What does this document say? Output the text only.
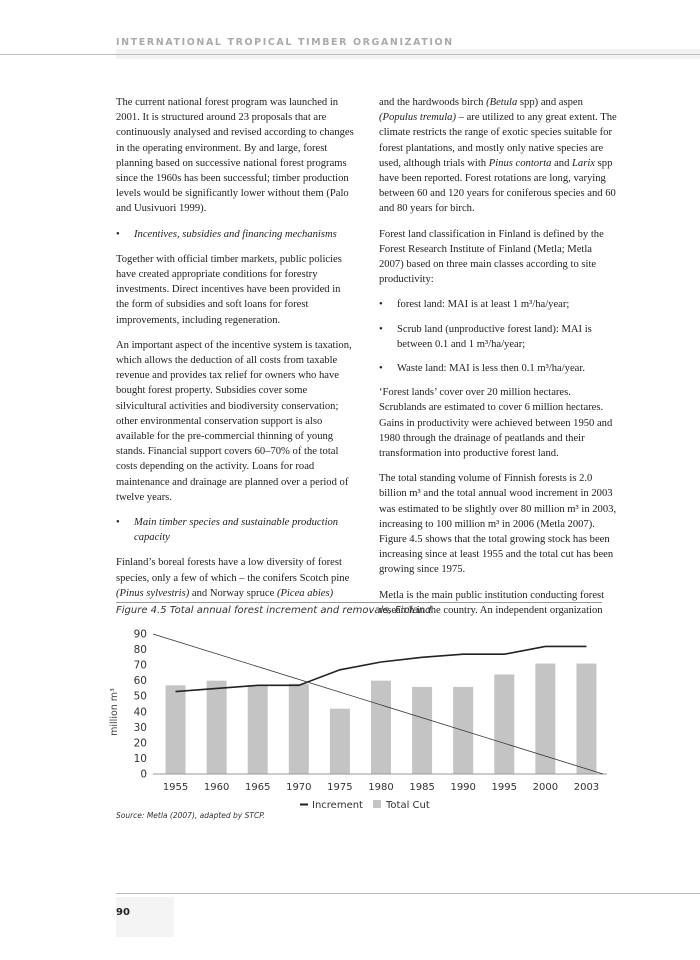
INTERNATIONAL TROPICAL TIMBER ORGANIZATION

The current national forest program was launched in 2001. It is structured around 23 proposals that are continuously analysed and revised according to changes in the operating environment. By and large, forest planning based on successive national forest programs since the 1960s has been successful; timber production levels would be significantly lower without them (Palo and Uusivuori 1999).

•	Incentives, subsidies and financing mechanisms

Together with official timber markets, public policies have created appropriate conditions for forestry investments. Direct incentives have been provided in the form of subsidies and soft loans for forest improvements, including regeneration.

An important aspect of the incentive system is taxation, which allows the deduction of all costs from taxable revenue and provides tax relief for owners who have bought forest property. Subsidies cover some silvicultural activities and biodiversity conservation; other environmental conservation support is also available for the pre-commercial thinning of young stands. Financial support covers 60–70% of the total costs depending on the activity. Loans for road maintenance and drainage are planned over a period of twelve years.

•	Main timber species and sustainable production capacity

Finland’s boreal forests have a low diversity of forest species, only a few of which – the conifers Scotch pine (Pinus sylvestris) and Norway spruce (Picea abies)

and the hardwoods birch (Betula spp) and aspen (Populus tremula) – are utilized to any great extent. The climate restricts the range of exotic species suitable for forest plantations, and mostly only native species are used, although trials with Pinus contorta and Larix spp have been reported. Forest rotations are long, varying between 60 and 120 years for coniferous species and 60 and 80 years for birch.

Forest land classification in Finland is defined by the Forest Research Institute of Finland (Metla; Metla 2007) based on three main classes according to site productivity:

•	forest land: MAI is at least 1 m³/ha/year;
•	Scrub land (unproductive forest land): MAI is between 0.1 and 1 m³/ha/year;
•	Waste land: MAI is less then 0.1 m³/ha/year.

‘Forest lands’ cover over 20 million hectares. Scrublands are estimated to cover 6 million hectares. Gains in productivity were achieved between 1950 and 1980 through the drainage of peatlands and their transformation into productive forest land.

The total standing volume of Finnish forests is 2.0 billion m³ and the total annual wood increment in 2003 was estimated to be slightly over 80 million m³ in 2003, increasing to 100 million m³ in 2006 (Metla 2007). Figure 4.5 shows that the total growing stock has been increasing since at least 1955 and the total cut has been growing since 1975.

Metla is the main public institution conducting forest research in the country. An independent organization

Figure 4.5 Total annual forest increment and removals, Finland
0
10
20
30
40
50
60
70
80
90
million m³
1955 1960 1965 1970 1975 1980 1985 1990 1995 2000 2003
Increment Total Cut
Source: Metla (2007), adapted by STCP.
90
